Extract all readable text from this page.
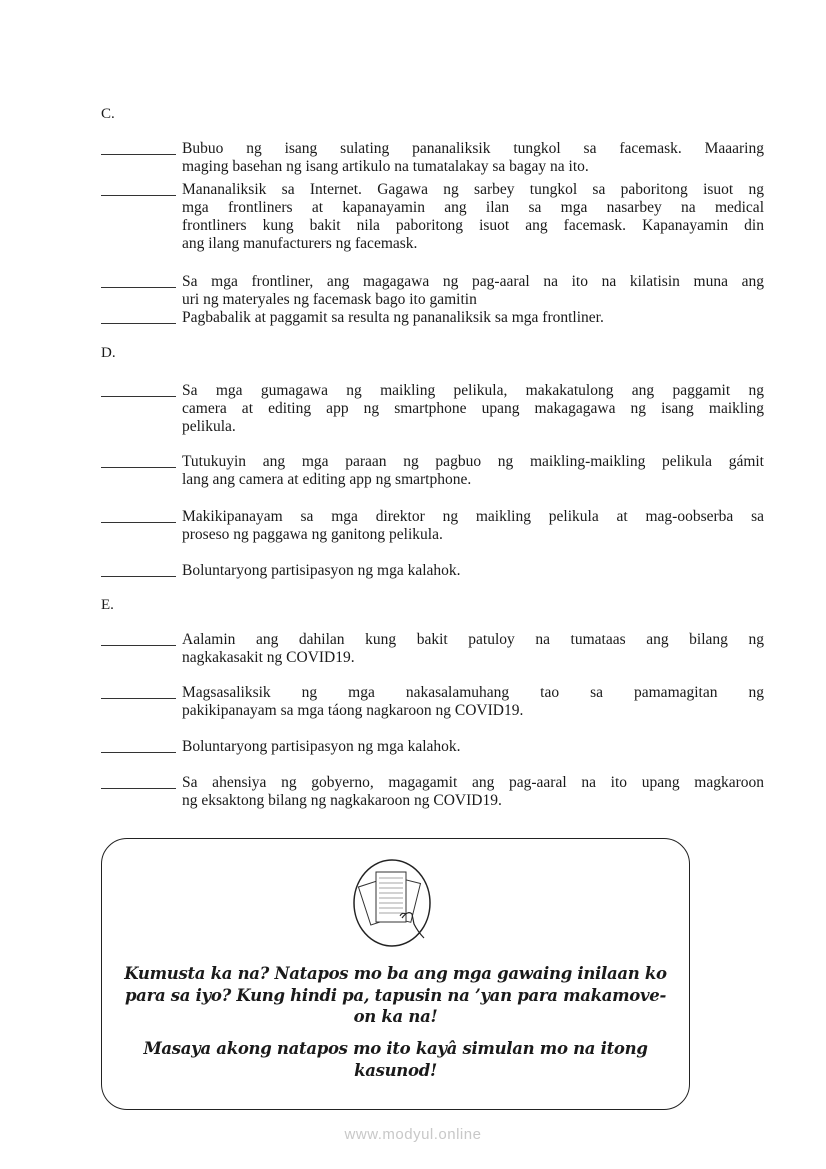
C.
Bubuo ng isang sulating pananaliksik tungkol sa facemask. Maaaring
maging basehan ng isang artikulo na tumatalakay sa bagay na ito.
Mananaliksik sa Internet. Gagawa ng sarbey tungkol sa paboritong isuot ng
mga frontliners at kapanayamin ang ilan sa mga nasarbey na medical
frontliners kung bakit nila paboritong isuot ang facemask. Kapanayamin din
ang ilang manufacturers ng facemask.
Sa mga frontliner, ang magagawa ng pag-aaral na ito na kilatisin muna ang
uri ng materyales ng facemask bago ito gamitin
Pagbabalik at paggamit sa resulta ng pananaliksik sa mga frontliner.
D.
Sa mga gumagawa ng maikling pelikula, makakatulong ang paggamit ng
camera at editing app ng smartphone upang makagagawa ng isang maikling
pelikula.
Tutukuyin ang mga paraan ng pagbuo ng maikling-maikling pelikula gámit
lang ang camera at editing app ng smartphone.
Makikipanayam sa mga direktor ng maikling pelikula at mag-oobserba sa
proseso ng paggawa ng ganitong pelikula.
Boluntaryong partisipasyon ng mga kalahok.
E.
Aalamin ang dahilan kung bakit patuloy na tumataas ang bilang ng
nagkakasakit ng COVID19.
Magsasaliksik ng mga nakasalamuhang tao sa pamamagitan ng
pakikipanayam sa mga táong nagkaroon ng COVID19.
Boluntaryong partisipasyon ng mga kalahok.
Sa ahensiya ng gobyerno, magagamit ang pag-aaral na ito upang magkaroon
ng eksaktong bilang ng nagkakaroon ng COVID19.
Kumusta ka na? Natapos mo ba ang mga gawaing inilaan ko
para sa iyo? Kung hindi pa, tapusin na ’yan para makamove-
on ka na!
Masaya akong natapos mo ito kayâ simulan mo na itong
kasunod!
www.modyul.online
